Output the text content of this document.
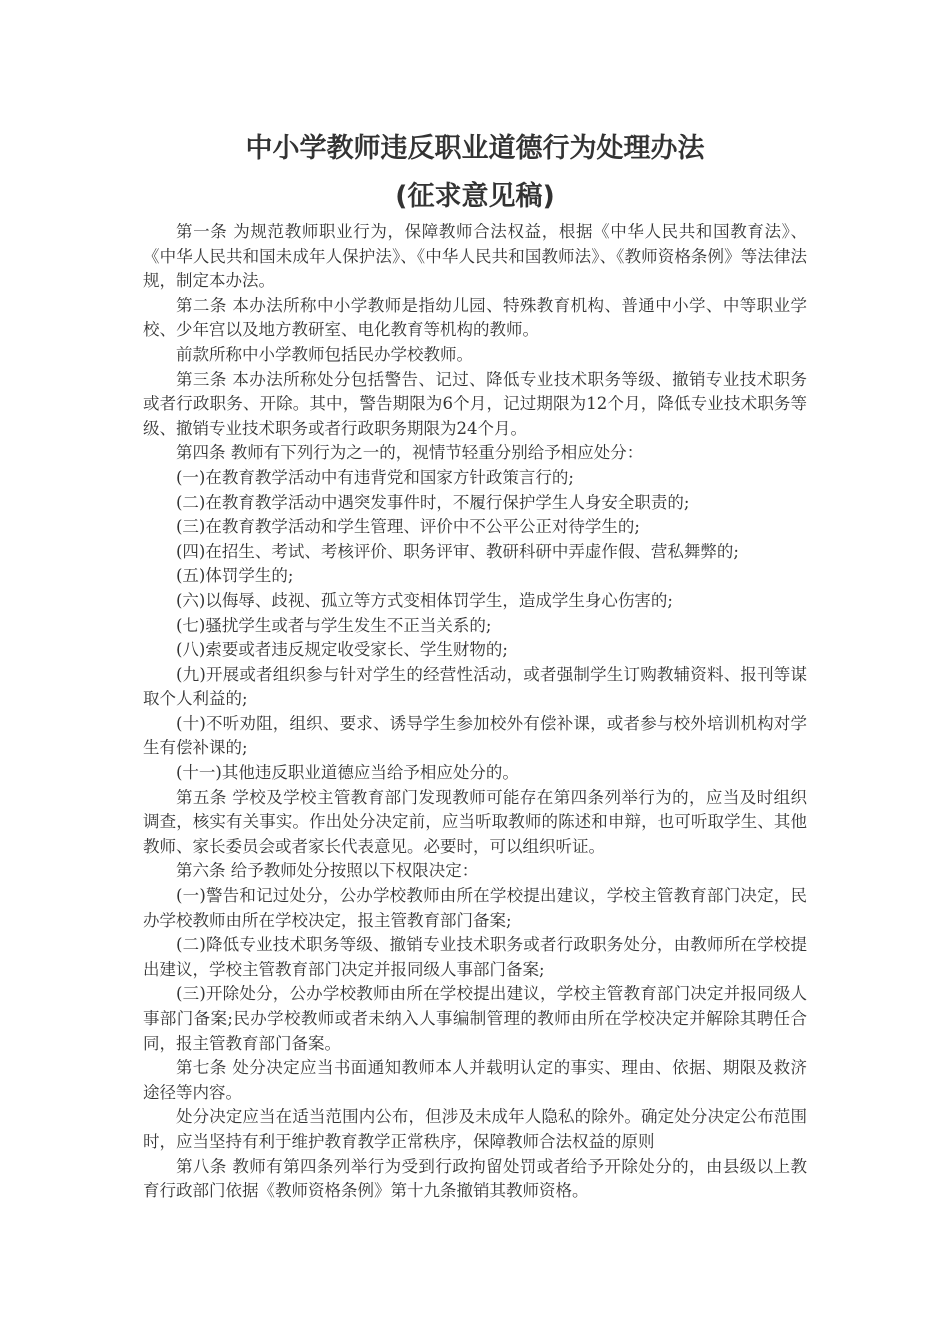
中小学教师违反职业道德行为处理办法
(征求意见稿)

第一条 为规范教师职业行为，保障教师合法权益，根据《中华人民共和国教育法》、《中华人民共和国未成年人保护法》、《中华人民共和国教师法》、《教师资格条例》等法律法规，制定本办法。

第二条 本办法所称中小学教师是指幼儿园、特殊教育机构、普通中小学、中等职业学校、少年宫以及地方教研室、电化教育等机构的教师。

前款所称中小学教师包括民办学校教师。

第三条 本办法所称处分包括警告、记过、降低专业技术职务等级、撤销专业技术职务或者行政职务、开除。其中，警告期限为6个月，记过期限为12个月，降低专业技术职务等级、撤销专业技术职务或者行政职务期限为24个月。

第四条 教师有下列行为之一的，视情节轻重分别给予相应处分：

(一)在教育教学活动中有违背党和国家方针政策言行的;

(二)在教育教学活动中遇突发事件时，不履行保护学生人身安全职责的;

(三)在教育教学活动和学生管理、评价中不公平公正对待学生的;

(四)在招生、考试、考核评价、职务评审、教研科研中弄虚作假、营私舞弊的;

(五)体罚学生的;

(六)以侮辱、歧视、孤立等方式变相体罚学生，造成学生身心伤害的;

(七)骚扰学生或者与学生发生不正当关系的;

(八)索要或者违反规定收受家长、学生财物的;

(九)开展或者组织参与针对学生的经营性活动，或者强制学生订购教辅资料、报刊等谋取个人利益的;

(十)不听劝阻，组织、要求、诱导学生参加校外有偿补课，或者参与校外培训机构对学生有偿补课的;

(十一)其他违反职业道德应当给予相应处分的。

第五条 学校及学校主管教育部门发现教师可能存在第四条列举行为的，应当及时组织调查，核实有关事实。作出处分决定前，应当听取教师的陈述和申辩，也可听取学生、其他教师、家长委员会或者家长代表意见。必要时，可以组织听证。

第六条 给予教师处分按照以下权限决定：

(一)警告和记过处分，公办学校教师由所在学校提出建议，学校主管教育部门决定，民办学校教师由所在学校决定，报主管教育部门备案;

(二)降低专业技术职务等级、撤销专业技术职务或者行政职务处分，由教师所在学校提出建议，学校主管教育部门决定并报同级人事部门备案;

(三)开除处分，公办学校教师由所在学校提出建议，学校主管教育部门决定并报同级人事部门备案;民办学校教师或者未纳入人事编制管理的教师由所在学校决定并解除其聘任合同，报主管教育部门备案。

第七条 处分决定应当书面通知教师本人并载明认定的事实、理由、依据、期限及救济途径等内容。

处分决定应当在适当范围内公布，但涉及未成年人隐私的除外。确定处分决定公布范围时，应当坚持有利于维护教育教学正常秩序，保障教师合法权益的原则

第八条 教师有第四条列举行为受到行政拘留处罚或者给予开除处分的，由县级以上教育行政部门依据《教师资格条例》第十九条撤销其教师资格。
